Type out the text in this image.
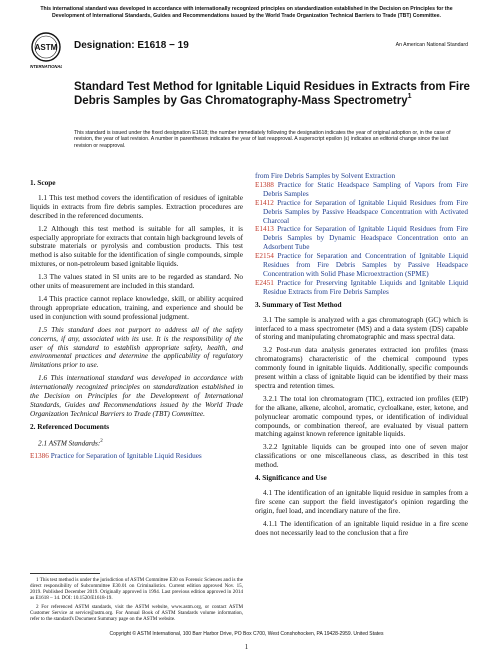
This international standard was developed in accordance with internationally recognized principles on standardization established in the Decision on Principles for the Development of International Standards, Guides and Recommendations issued by the World Trade Organization Technical Barriers to Trade (TBT) Committee.
ASTM
INTERNATIONAL
Designation: E1618 − 19	An American National Standard
Standard Test Method for Ignitable Liquid Residues in Extracts from Fire Debris Samples by Gas Chromatography-Mass Spectrometry$^1$
This standard is issued under the fixed designation E1618; the number immediately following the designation indicates the year of original adoption or, in the case of revision, the year of last revision. A number in parentheses indicates the year of last reapproval. A superscript epsilon (ε) indicates an editorial change since the last revision or reapproval.
1. Scope

1.1 This test method covers the identification of residues of ignitable liquids in extracts from fire debris samples. Extraction procedures are described in the referenced documents.

1.2 Although this test method is suitable for all samples, it is especially appropriate for extracts that contain high background levels of substrate materials or pyrolysis and combustion products. This test method is also suitable for the identification of single compounds, simple mixtures, or non-petroleum based ignitable liquids.

1.3 The values stated in SI units are to be regarded as standard. No other units of measurement are included in this standard.

1.4 This practice cannot replace knowledge, skill, or ability acquired through appropriate education, training, and experience and should be used in conjunction with sound professional judgment.

1.5 This standard does not purport to address all of the safety concerns, if any, associated with its use. It is the responsibility of the user of this standard to establish appropriate safety, health, and environmental practices and determine the applicability of regulatory limitations prior to use.

1.6 This international standard was developed in accordance with internationally recognized principles on standardization established in the Decision on Principles for the Development of International Standards, Guides and Recommendations issued by the World Trade Organization Technical Barriers to Trade (TBT) Committee.

2. Referenced Documents

2.1 ASTM Standards:$^2$

E1386 Practice for Separation of Ignitable Liquid Residues

1 This test method is under the jurisdiction of ASTM Committee E30 on Forensic Sciences and is the direct responsibility of Subcommittee E30.01 on Criminalistics. Current edition approved Nov. 15, 2019. Published December 2019. Originally approved in 1994. Last previous edition approved in 2014 as E1618 – 14. DOI: 10.1520/E1618-19.

2 For referenced ASTM standards, visit the ASTM website, www.astm.org, or contact ASTM Customer Service at service@astm.org. For Annual Book of ASTM Standards volume information, refer to the standard's Document Summary page on the ASTM website.

from Fire Debris Samples by Solvent Extraction

E1388 Practice for Static Headspace Sampling of Vapors from Fire Debris Samples

E1412 Practice for Separation of Ignitable Liquid Residues from Fire Debris Samples by Passive Headspace Concentration with Activated Charcoal

E1413 Practice for Separation of Ignitable Liquid Residues from Fire Debris Samples by Dynamic Headspace Concentration onto an Adsorbent Tube

E2154 Practice for Separation and Concentration of Ignitable Liquid Residues from Fire Debris Samples by Passive Headspace Concentration with Solid Phase Microextraction (SPME)

E2451 Practice for Preserving Ignitable Liquids and Ignitable Liquid Residue Extracts from Fire Debris Samples

3. Summary of Test Method

3.1 The sample is analyzed with a gas chromatograph (GC) which is interfaced to a mass spectrometer (MS) and a data system (DS) capable of storing and manipulating chromatographic and mass spectral data.

3.2 Post-run data analysis generates extracted ion profiles (mass chromatograms) characteristic of the chemical compound types commonly found in ignitable liquids. Additionally, specific compounds present within a class of ignitable liquid can be identified by their mass spectra and retention times.

3.2.1 The total ion chromatogram (TIC), extracted ion profiles (EIP) for the alkane, alkene, alcohol, aromatic, cycloalkane, ester, ketone, and polynuclear aromatic compound types, or identification of individual compounds, or combination thereof, are evaluated by visual pattern matching against known reference ignitable liquids.

3.2.2 Ignitable liquids can be grouped into one of seven major classifications or one miscellaneous class, as described in this test method.

4. Significance and Use

4.1 The identification of an ignitable liquid residue in samples from a fire scene can support the field investigator's opinion regarding the origin, fuel load, and incendiary nature of the fire.

4.1.1 The identification of an ignitable liquid residue in a fire scene does not necessarily lead to the conclusion that a fire

Copyright © ASTM International, 100 Barr Harbor Drive, PO Box C700, West Conshohocken, PA 19428-2959. United States
1
